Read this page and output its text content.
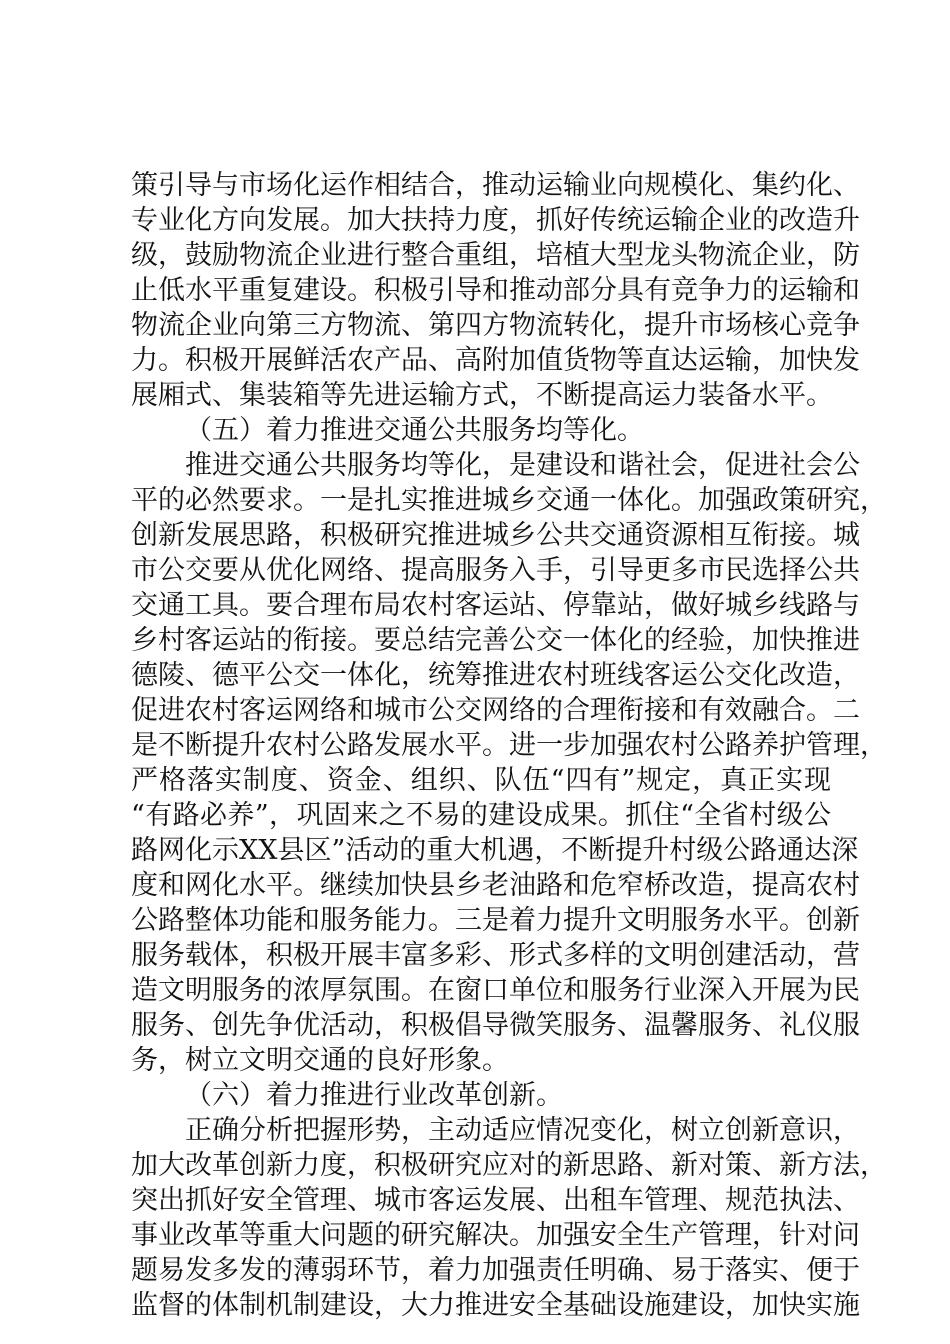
策引导与市场化运作相结合，推动运输业向规模化、集约化、
专业化方向发展。加大扶持力度，抓好传统运输企业的改造升
级，鼓励物流企业进行整合重组，培植大型龙头物流企业，防
止低水平重复建设。积极引导和推动部分具有竞争力的运输和
物流企业向第三方物流、第四方物流转化，提升市场核心竞争
力。积极开展鲜活农产品、高附加值货物等直达运输，加快发
展厢式、集装箱等先进运输方式，不断提高运力装备水平。
（五）着力推进交通公共服务均等化。
推进交通公共服务均等化，是建设和谐社会，促进社会公
平的必然要求。一是扎实推进城乡交通一体化。加强政策研究，
创新发展思路，积极研究推进城乡公共交通资源相互衔接。城
市公交要从优化网络、提高服务入手，引导更多市民选择公共
交通工具。要合理布局农村客运站、停靠站，做好城乡线路与
乡村客运站的衔接。要总结完善公交一体化的经验，加快推进
德陵、德平公交一体化，统筹推进农村班线客运公交化改造，
促进农村客运网络和城市公交网络的合理衔接和有效融合。二
是不断提升农村公路发展水平。进一步加强农村公路养护管理，
严格落实制度、资金、组织、队伍“四有”规定，真正实现
“有路必养”，巩固来之不易的建设成果。抓住“全省村级公
路网化示XX县区”活动的重大机遇，不断提升村级公路通达深
度和网化水平。继续加快县乡老油路和危窄桥改造，提高农村
公路整体功能和服务能力。三是着力提升文明服务水平。创新
服务载体，积极开展丰富多彩、形式多样的文明创建活动，营
造文明服务的浓厚氛围。在窗口单位和服务行业深入开展为民
服务、创先争优活动，积极倡导微笑服务、温馨服务、礼仪服
务，树立文明交通的良好形象。
（六）着力推进行业改革创新。
正确分析把握形势，主动适应情况变化，树立创新意识，
加大改革创新力度，积极研究应对的新思路、新对策、新方法，
突出抓好安全管理、城市客运发展、出租车管理、规范执法、
事业改革等重大问题的研究解决。加强安全生产管理，针对问
题易发多发的薄弱环节，着力加强责任明确、易于落实、便于
监督的体制机制建设，大力推进安全基础设施建设，加快实施
